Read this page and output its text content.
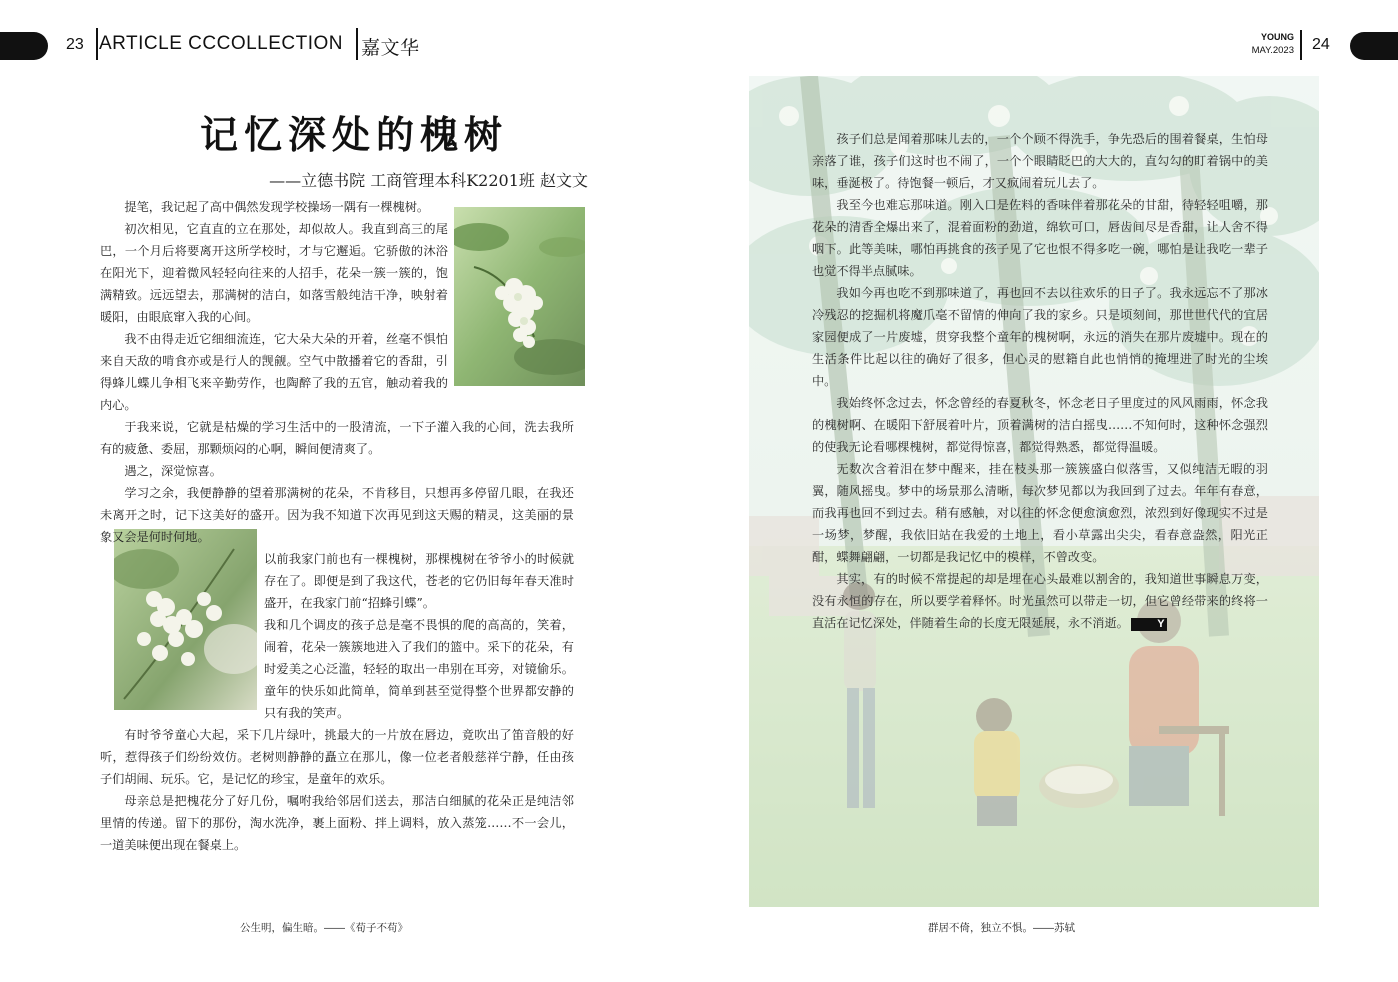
23 ARTICLE CCCOLLECTION 嘉文华
YOUNG
MAY.2023 24
记忆深处的槐树
——立德书院 工商管理本科K2201班 赵文文

提笔，我记起了高中偶然发现学校操场一隅有一棵槐树。

初次相见，它直直的立在那处，却似故人。我直到高三的尾巴，一个月后将要离开这所学校时，才与它邂逅。它骄傲的沐浴在阳光下，迎着微风轻轻向往来的人招手，花朵一簇一簇的，饱满精致。远远望去，那满树的洁白，如落雪般纯洁干净，映射着暖阳，由眼底窜入我的心间。

我不由得走近它细细流连，它大朵大朵的开着，丝毫不惧怕来自天敌的啃食亦或是行人的觊觎。空气中散播着它的香甜，引得蜂儿蝶儿争相飞来辛勤劳作，也陶醉了我的五官，触动着我的内心。

于我来说，它就是枯燥的学习生活中的一股清流，一下子灌入我的心间，洗去我所有的疲惫、委屈，那颗烦闷的心啊，瞬间便清爽了。

遇之，深觉惊喜。

学习之余，我便静静的望着那满树的花朵，不肯移目，只想再多停留几眼，在我还未离开之时，记下这美好的盛开。因为我不知道下次再见到这天赐的精灵，这美丽的景象又会是何时何地。

以前我家门前也有一棵槐树，那棵槐树在爷爷小的时候就存在了。即便是到了我这代，苍老的它仍旧每年春天准时盛开，在我家门前“招蜂引蝶”。

我和几个调皮的孩子总是毫不畏惧的爬的高高的，笑着，闹着，花朵一簇簇地进入了我们的篮中。采下的花朵，有时爱美之心泛滥，轻轻的取出一串别在耳旁，对镜偷乐。童年的快乐如此简单，简单到甚至觉得整个世界都安静的只有我的笑声。

有时爷爷童心大起，采下几片绿叶，挑最大的一片放在唇边，竟吹出了笛音般的好听，惹得孩子们纷纷效仿。老树则静静的矗立在那儿，像一位老者般慈祥宁静，任由孩子们胡闹、玩乐。它，是记忆的珍宝，是童年的欢乐。

母亲总是把槐花分了好几份，嘱咐我给邻居们送去，那洁白细腻的花朵正是纯洁邻里情的传递。留下的那份，淘水洗净，裹上面粉、拌上调料，放入蒸笼……不一会儿，一道美味便出现在餐桌上。

孩子们总是闻着那味儿去的，一个个顾不得洗手，争先恐后的围着餐桌，生怕母亲落了谁，孩子们这时也不闹了，一个个眼睛眨巴的大大的，直勾勾的盯着锅中的美味，垂涎极了。待饱餐一顿后，才又疯闹着玩儿去了。

我至今也难忘那味道。刚入口是佐料的香味伴着那花朵的甘甜，待轻轻咀嚼，那花朵的清香全爆出来了，混着面粉的劲道，绵软可口，唇齿间尽是香甜，让人舍不得咽下。此等美味，哪怕再挑食的孩子见了它也恨不得多吃一碗，哪怕是让我吃一辈子也觉不得半点腻味。

我如今再也吃不到那味道了，再也回不去以往欢乐的日子了。我永远忘不了那冰冷残忍的挖掘机将魔爪毫不留情的伸向了我的家乡。只是顷刻间，那世世代代的宜居家园便成了一片废墟，贯穿我整个童年的槐树啊，永远的消失在那片废墟中。现在的生活条件比起以往的确好了很多，但心灵的慰籍自此也悄悄的掩埋进了时光的尘埃中。

我始终怀念过去，怀念曾经的春夏秋冬，怀念老日子里度过的风风雨雨，怀念我的槐树啊、在暖阳下舒展着叶片，顶着满树的洁白摇曳……不知何时，这种怀念强烈的使我无论看哪棵槐树，都觉得惊喜，都觉得熟悉，都觉得温暖。

无数次含着泪在梦中醒来，挂在枝头那一簇簇盛白似落雪，又似纯洁无暇的羽翼，随风摇曳。梦中的场景那么清晰，每次梦见都以为我回到了过去。年年有春意，而我再也回不到过去。稍有感触，对以往的怀念便愈演愈烈，浓烈到好像现实不过是一场梦，梦醒，我依旧站在我爱的土地上，看小草露出尖尖，看春意盎然，阳光正酣，蝶舞翩翩，一切都是我记忆中的模样，不曾改变。

其实，有的时候不常提起的却是埋在心头最难以割舍的，我知道世事瞬息万变，没有永恒的存在，所以要学着释怀。时光虽然可以带走一切，但它曾经带来的终将一直活在记忆深处，伴随着生命的长度无限延展，永不消逝。	Y

公生明，偏生暗。——《荀子不苟》	群居不倚，独立不惧。——苏轼
